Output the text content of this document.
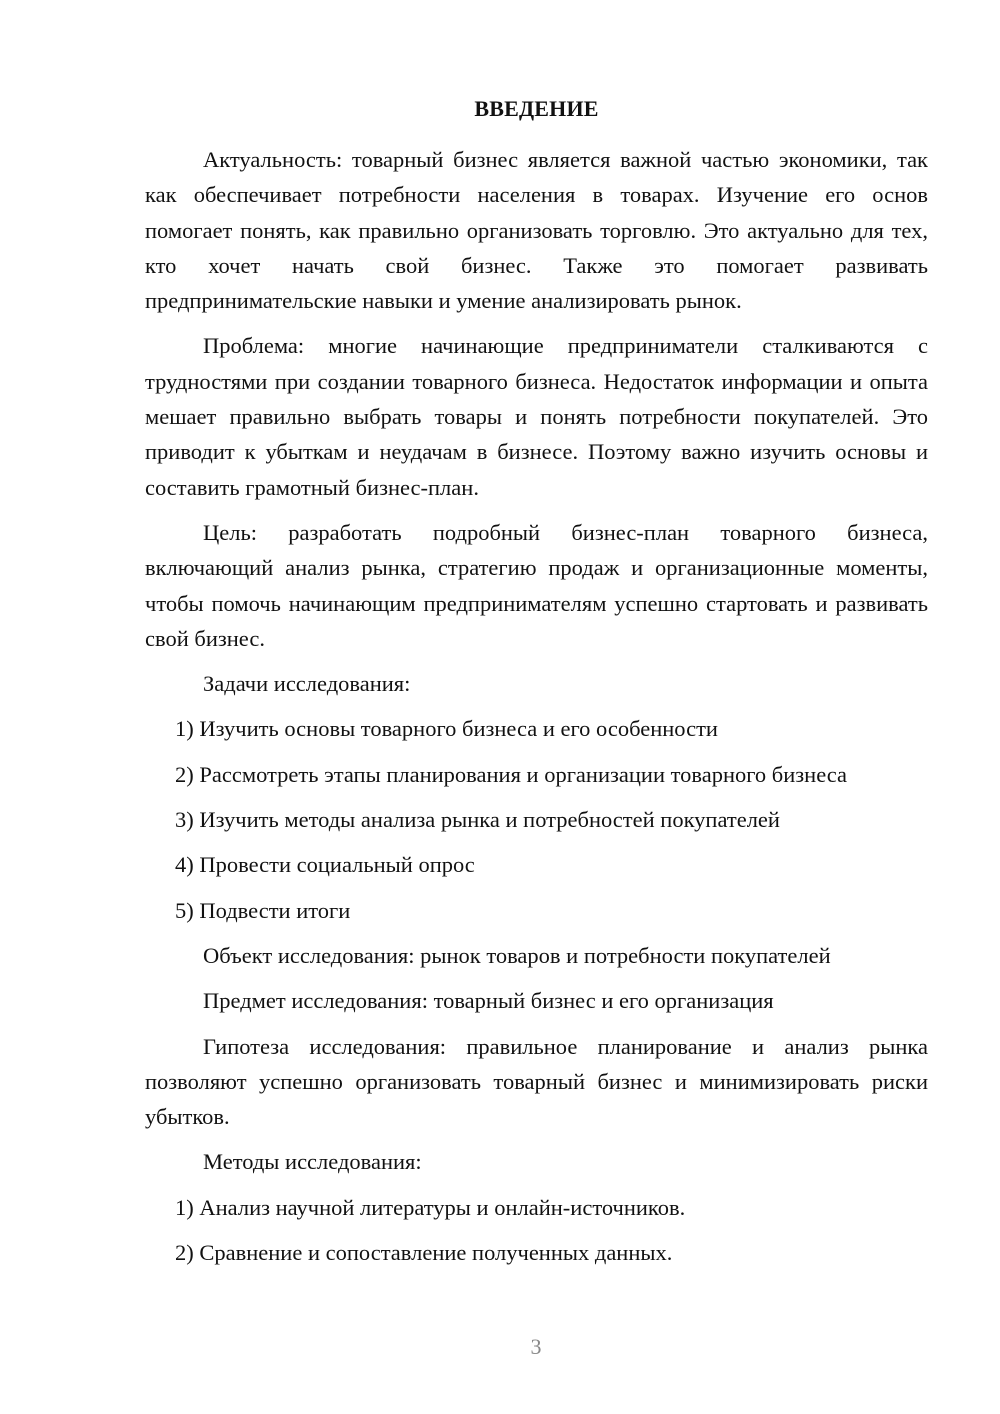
ВВЕДЕНИЕ

Актуальность: товарный бизнес является важной частью экономики, так как обеспечивает потребности населения в товарах. Изучение его основ помогает понять, как правильно организовать торговлю. Это актуально для тех, кто хочет начать свой бизнес. Также это помогает развивать предпринимательские навыки и умение анализировать рынок.

Проблема: многие начинающие предприниматели сталкиваются с трудностями при создании товарного бизнеса. Недостаток информации и опыта мешает правильно выбрать товары и понять потребности покупателей. Это приводит к убыткам и неудачам в бизнесе. Поэтому важно изучить основы и составить грамотный бизнес-план.

Цель: разработать подробный бизнес-план товарного бизнеса, включающий анализ рынка, стратегию продаж и организационные моменты, чтобы помочь начинающим предпринимателям успешно стартовать и развивать свой бизнес.

Задачи исследования:
1) Изучить основы товарного бизнеса и его особенности
2) Рассмотреть этапы планирования и организации товарного бизнеса
3) Изучить методы анализа рынка и потребностей покупателей
4) Провести социальный опрос
5) Подвести итоги
Объект исследования: рынок товаров и потребности покупателей
Предмет исследования: товарный бизнес и его организация

Гипотеза исследования: правильное планирование и анализ рынка позволяют успешно организовать товарный бизнес и минимизировать риски убытков.

Методы исследования:
1) Анализ научной литературы и онлайн-источников.
2) Сравнение и сопоставление полученных данных.
3
